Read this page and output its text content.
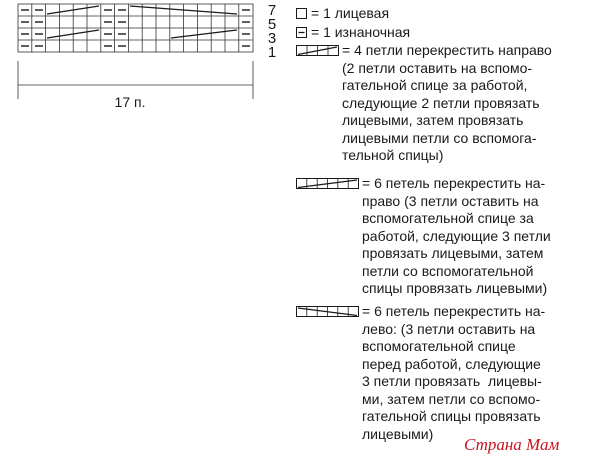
7
5
3
1
17 п.

= 1 лицевая

= 1 изнаночная

= 4 петли перекрестить направо
(2 петли оставить на вспомо-
гательной спице за работой,
следующие 2 петли провязать
лицевыми, затем провязать
лицевыми петли со вспомога-
тельной спицы)

= 6 петель перекрестить на-
право (3 петли оставить на
вспомогательной спице за
работой, следующие 3 петли
провязать лицевыми, затем
петли со вспомогательной
спицы провязать лицевыми)

= 6 петель перекрестить на-
лево: (3 петли оставить на
вспомогательной спице
перед работой, следующие
3 петли провязать  лицевы-
ми, затем петли со вспомо-
гательной спицы провязать
лицевыми)

Страна Мам
